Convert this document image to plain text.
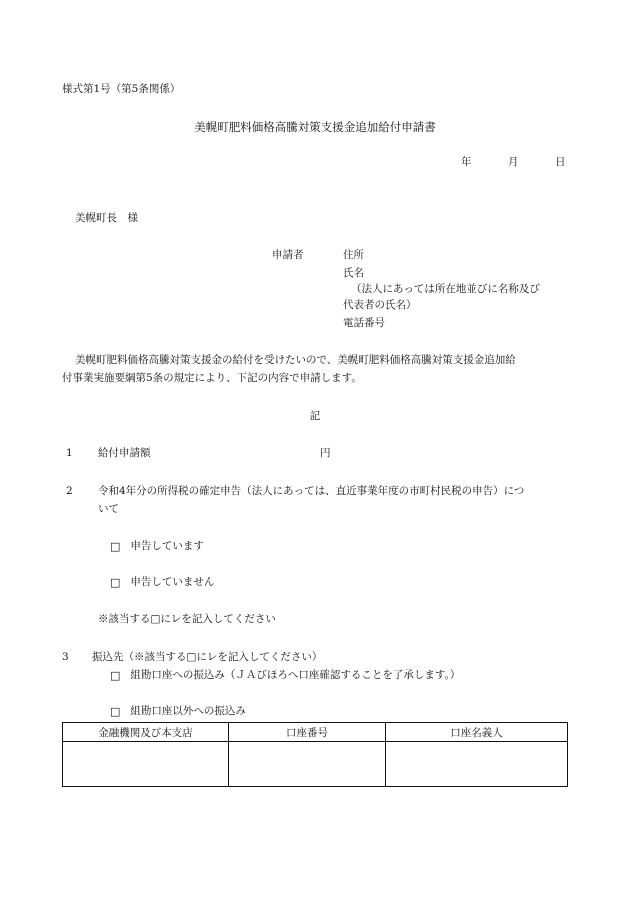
様式第1号（第5条関係）
美幌町肥料価格高騰対策支援金追加給付申請書
年	月	日
美幌町長　様
申請者	住所
氏名
（法人にあっては所在地並びに名称及び
代表者の氏名）
電話番号
美幌町肥料価格高騰対策支援金の給付を受けたいので、美幌町肥料価格高騰対策支援金追加給
付事業実施要綱第5条の規定により、下記の内容で申請します。
記
1 給付申請額	円
2 令和4年分の所得税の確定申告（法人にあっては、直近事業年度の市町村民税の申告）につ
いて
□ 申告しています
□ 申告していません
※該当する□にレを記入してください
3 振込先（※該当する□にレを記入してください）
□ 組勘口座への振込み（ＪＡびほろへ口座確認することを了承します。）
□ 組勘口座以外への振込み
金融機関及び本支店	口座番号	口座名義人
